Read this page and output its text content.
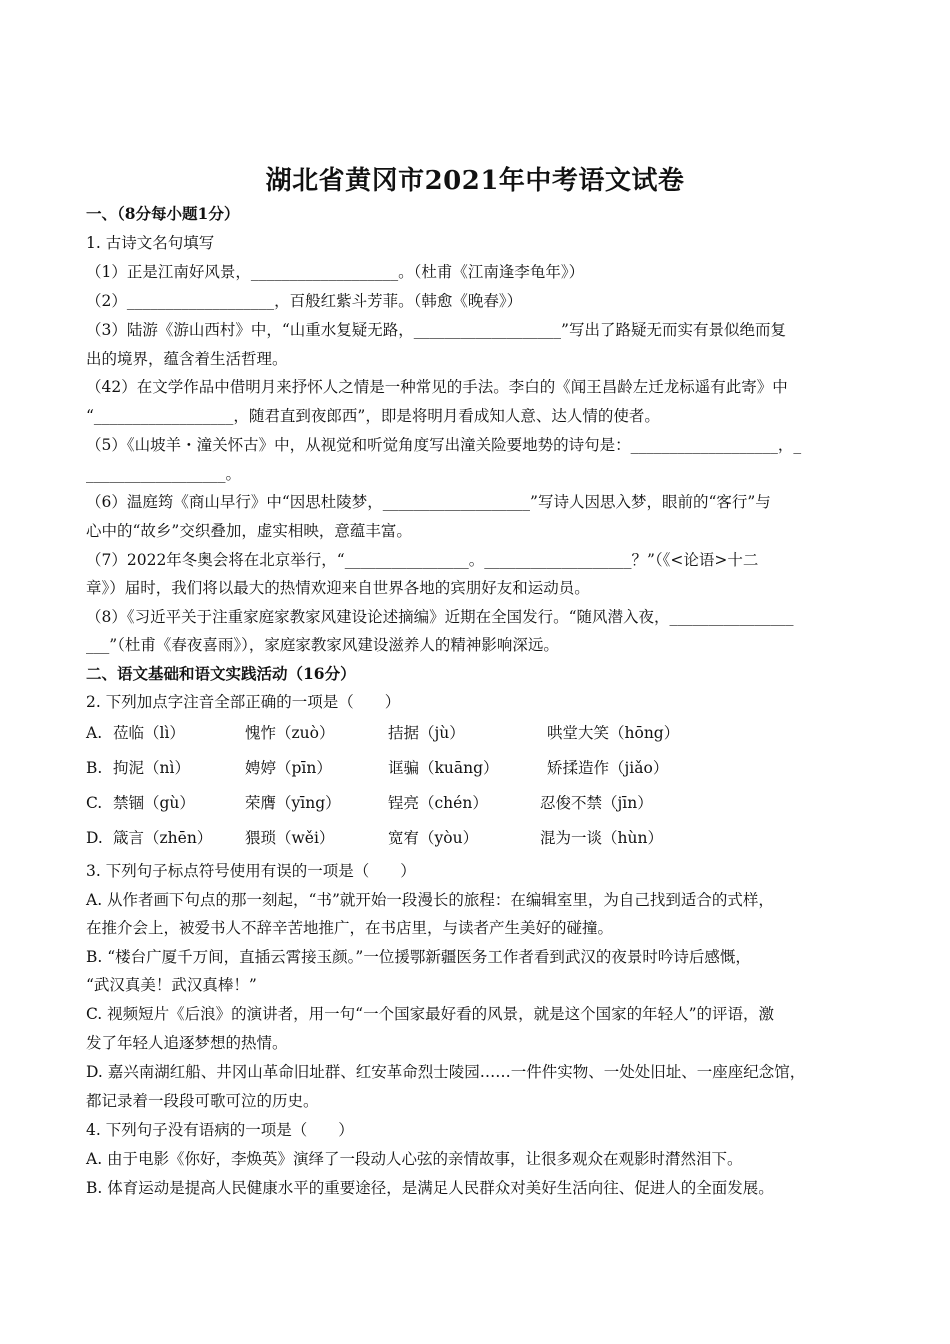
湖北省黄冈市2021年中考语文试卷
一、（8分每小题1分）
1. 古诗文名句填写
（1）正是江南好风景，___________________。（杜甫《江南逢李龟年》）
（2）___________________，百般红紫斗芳菲。（韩愈《晚春》）
（3）陆游《游山西村》中，“山重水复疑无路，___________________”写出了路疑无而实有景似绝而复
出的境界，蕴含着生活哲理。
（42）在文学作品中借明月来抒怀人之情是一种常见的手法。李白的《闻王昌龄左迁龙标遥有此寄》中
“__________________，随君直到夜郎西”，即是将明月看成知人意、达人情的使者。
（5）《山坡羊・潼关怀古》中，从视觉和听觉角度写出潼关险要地势的诗句是：___________________，_
__________________。
（6）温庭筠《商山早行》中“因思杜陵梦，___________________”写诗人因思入梦，眼前的“客行”与
心中的“故乡”交织叠加，虚实相映，意蕴丰富。
（7）2022年冬奥会将在北京举行，“________________。___________________？”（《<论语>十二
章》）届时，我们将以最大的热情欢迎来自世界各地的宾朋好友和运动员。
（8）《习近平关于注重家庭家教家风建设论述摘编》近期在全国发行。“随风潜入夜，________________
___”（杜甫《春夜喜雨》），家庭家教家风建设滋养人的精神影响深远。
二、语文基础和语文实践活动（16分）
2. 下列加点字注音全部正确的一项是（　　）
A. 莅临（lì）	愧怍（zuò）	拮据（jù）	哄堂大笑（hōng）
B. 拘泥（nì）	娉婷（pīn）	诓骗（kuāng）	矫揉造作（jiǎo）
C. 禁锢（gù）	荣膺（yīng）	锃亮（chén）	忍俊不禁（jīn）
D. 箴言（zhēn） 猥琐（wěi）	宽宥（yòu）	混为一谈（hùn）
3. 下列句子标点符号使用有误的一项是（　　）
A. 从作者画下句点的那一刻起，“书”就开始一段漫长的旅程：在编辑室里，为自己找到适合的式样，
在推介会上，被爱书人不辞辛苦地推广，在书店里，与读者产生美好的碰撞。
B. “楼台广厦千万间，直插云霄接玉颜。”一位援鄂新疆医务工作者看到武汉的夜景时吟诗后感慨，
“武汉真美！武汉真棒！”
C. 视频短片《后浪》的演讲者，用一句“一个国家最好看的风景，就是这个国家的年轻人”的评语，激
发了年轻人追逐梦想的热情。
D. 嘉兴南湖红船、井冈山革命旧址群、红安革命烈士陵园……一件件实物、一处处旧址、一座座纪念馆，
都记录着一段段可歌可泣的历史。
4. 下列句子没有语病的一项是（　　）
A. 由于电影《你好，李焕英》演绎了一段动人心弦的亲情故事，让很多观众在观影时潸然泪下。
B. 体育运动是提高人民健康水平的重要途径，是满足人民群众对美好生活向往、促进人的全面发展。
